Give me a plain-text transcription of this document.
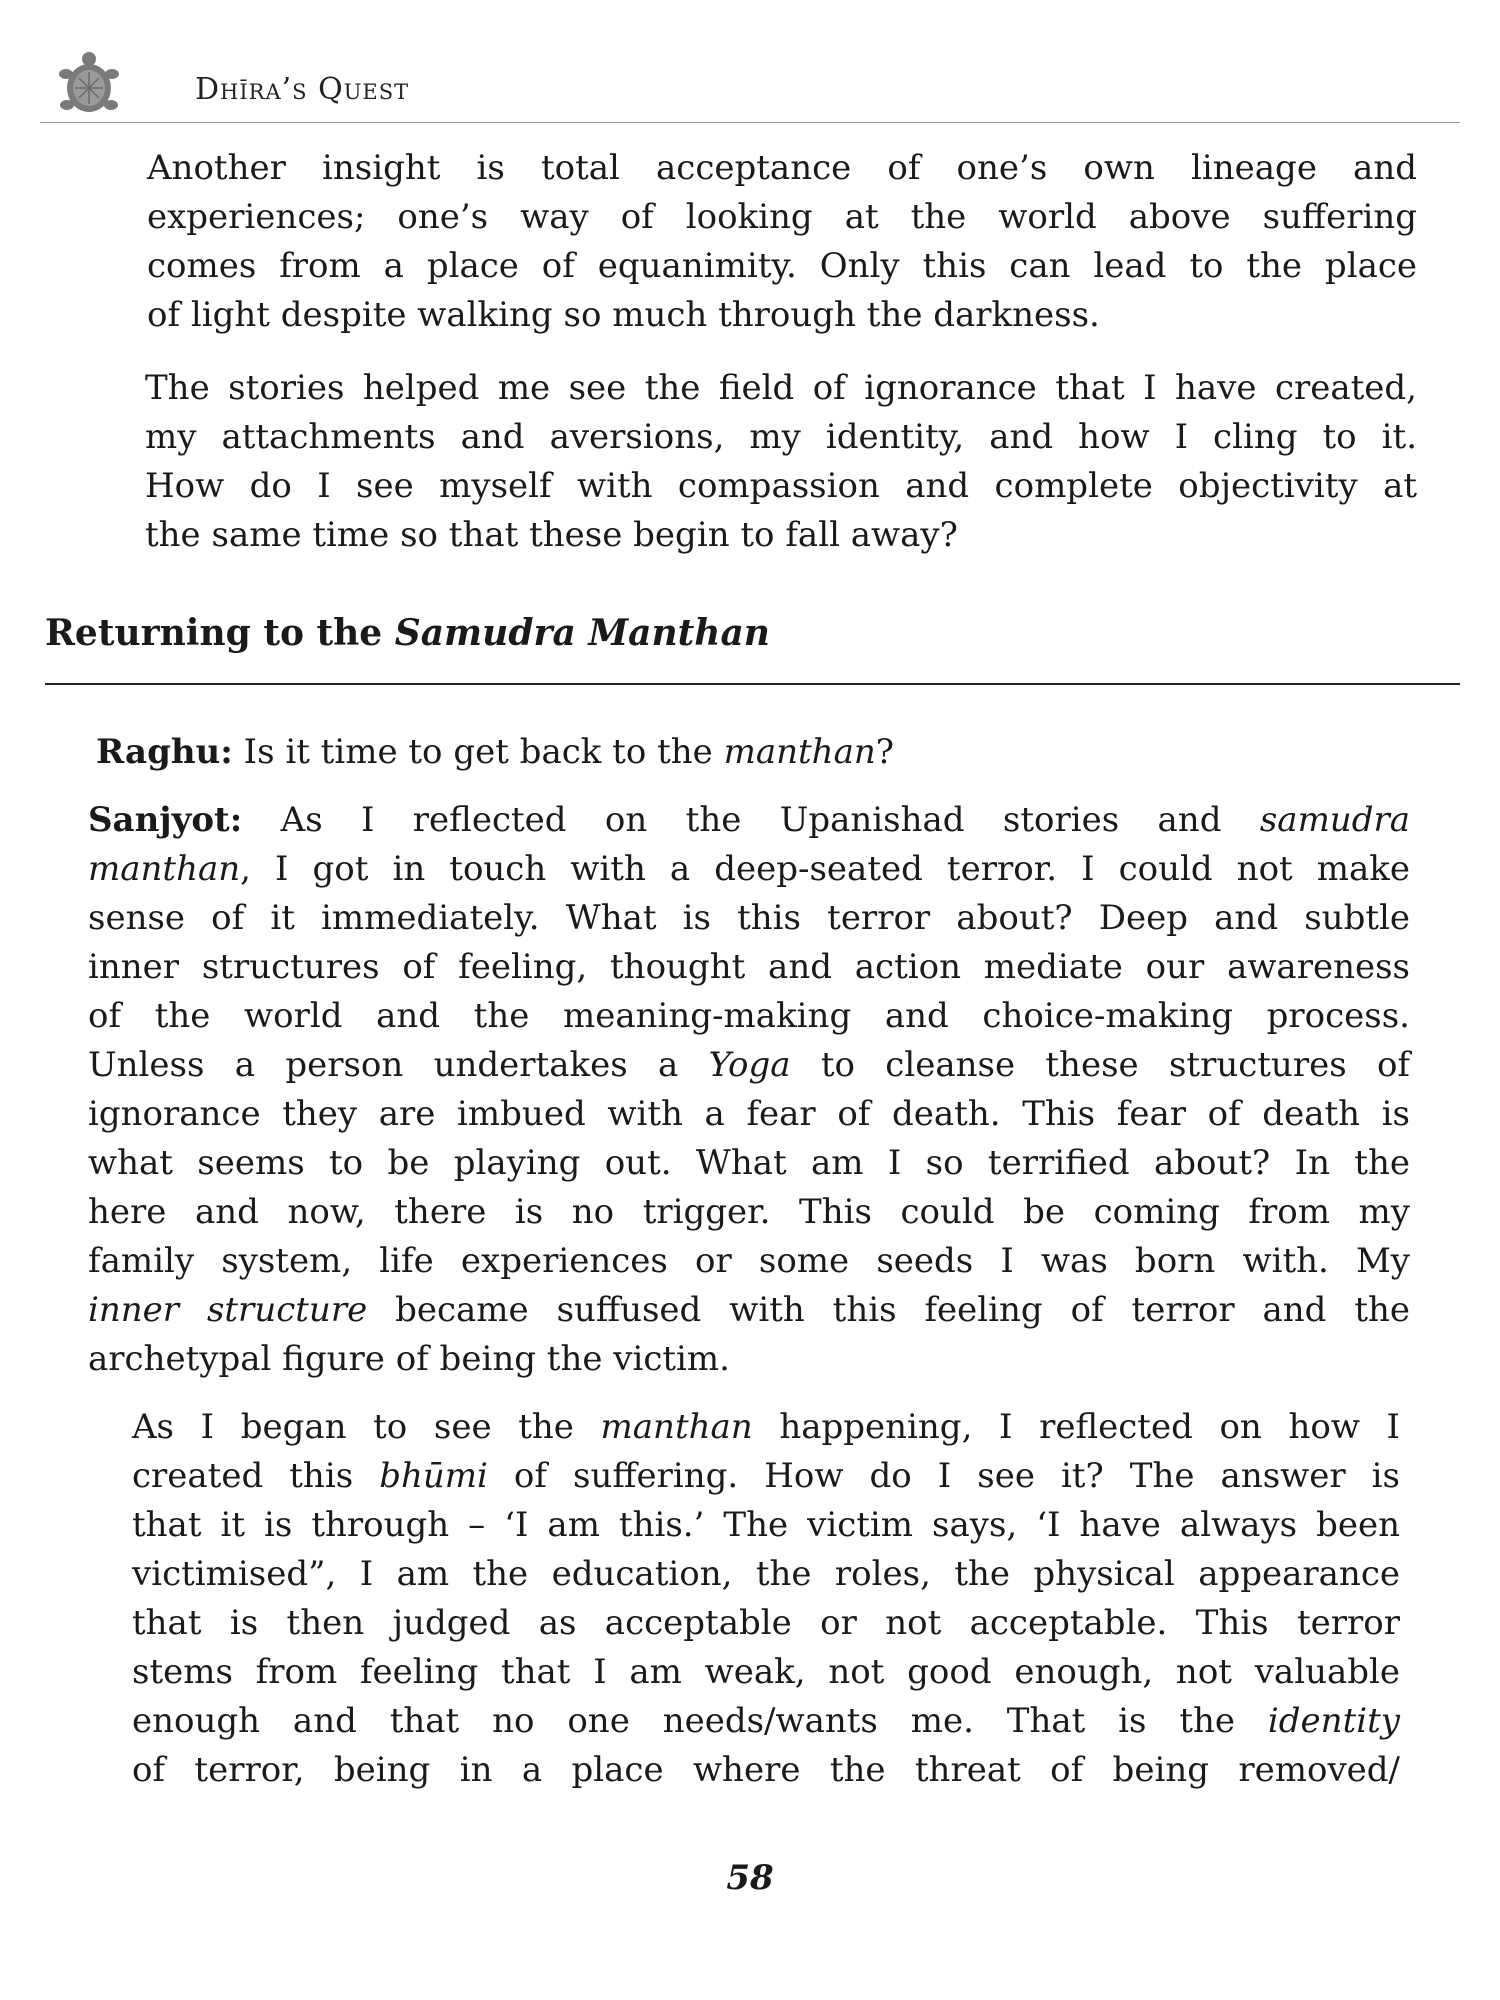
Dhīra’s Quest
Another insight is total acceptance of one’s own lineage and
experiences; one’s way of looking at the world above suffering
comes from a place of equanimity. Only this can lead to the place
of light despite walking so much through the darkness.
The stories helped me see the field of ignorance that I have created,
my attachments and aversions, my identity, and how I cling to it.
How do I see myself with compassion and complete objectivity at
the same time so that these begin to fall away?
Returning to the Samudra Manthan
Raghu: Is it time to get back to the manthan?
Sanjyot: As I reflected on the Upanishad stories and samudra
manthan, I got in touch with a deep-seated terror. I could not make
sense of it immediately. What is this terror about? Deep and subtle
inner structures of feeling, thought and action mediate our awareness
of the world and the meaning-making and choice-making process.
Unless a person undertakes a Yoga to cleanse these structures of
ignorance they are imbued with a fear of death. This fear of death is
what seems to be playing out. What am I so terrified about? In the
here and now, there is no trigger. This could be coming from my
family system, life experiences or some seeds I was born with. My
inner structure became suffused with this feeling of terror and the
archetypal figure of being the victim.
As I began to see the manthan happening, I reflected on how I
created this bhūmi of suffering. How do I see it? The answer is
that it is through – ‘I am this.’ The victim says, ‘I have always been
victimised”, I am the education, the roles, the physical appearance
that is then judged as acceptable or not acceptable. This terror
stems from feeling that I am weak, not good enough, not valuable
enough and that no one needs/wants me. That is the identity
of terror, being in a place where the threat of being removed/
58
